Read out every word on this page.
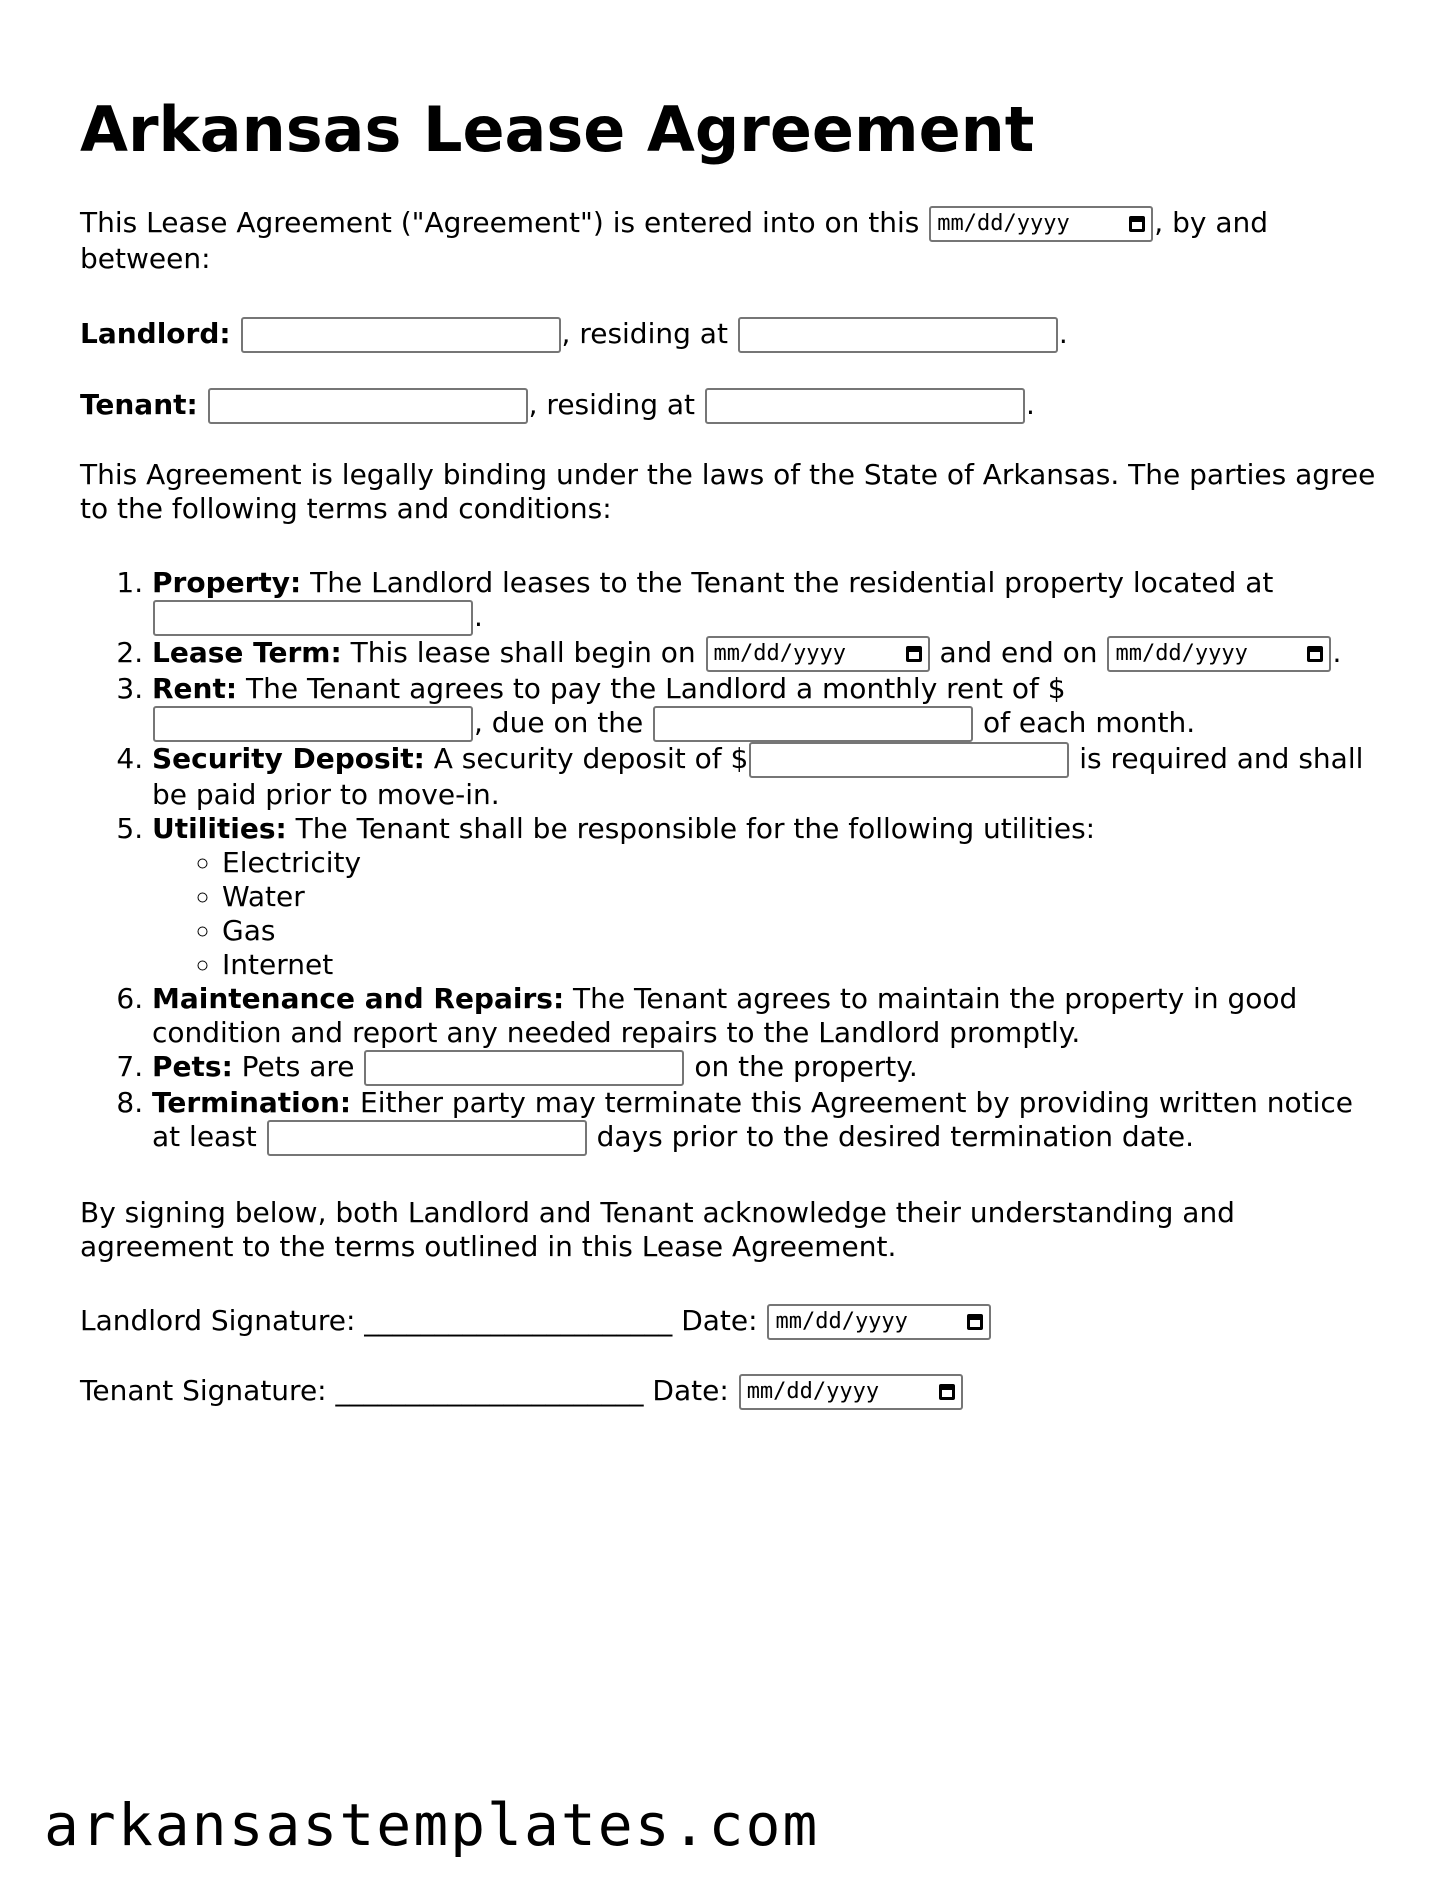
Arkansas Lease Agreement

This Lease Agreement ("Agreement") is entered into on this mm/dd/yyyy	, by and between:

Landlord:	, residing at	.

Tenant:	, residing at	.

This Agreement is legally binding under the laws of the State of Arkansas. The parties agree to the following terms and conditions:

1. Property: The Landlord leases to the Tenant the residential property located at .
2. Lease Term: This lease shall begin on mm/dd/yyyy	and end on mm/dd/yyyy	.
3. Rent: The Tenant agrees to pay the Landlord a monthly rent of $ , due on the	of each month.
4. Security Deposit: A security deposit of $	is required and shall be paid prior to move-in.
5. Utilities: The Tenant shall be responsible for the following utilities:
◦ Electricity
◦ Water
◦ Gas
◦ Internet
6. Maintenance and Repairs: The Tenant agrees to maintain the property in good condition and report any needed repairs to the Landlord promptly.
7. Pets: Pets are	on the property.
8. Termination: Either party may terminate this Agreement by providing written notice at least	days prior to the desired termination date.

By signing below, both Landlord and Tenant acknowledge their understanding and agreement to the terms outlined in this Lease Agreement.

Landlord Signature: ______________________ Date: mm/dd/yyyy

Tenant Signature: ______________________ Date: mm/dd/yyyy

arkansastemplates.com
